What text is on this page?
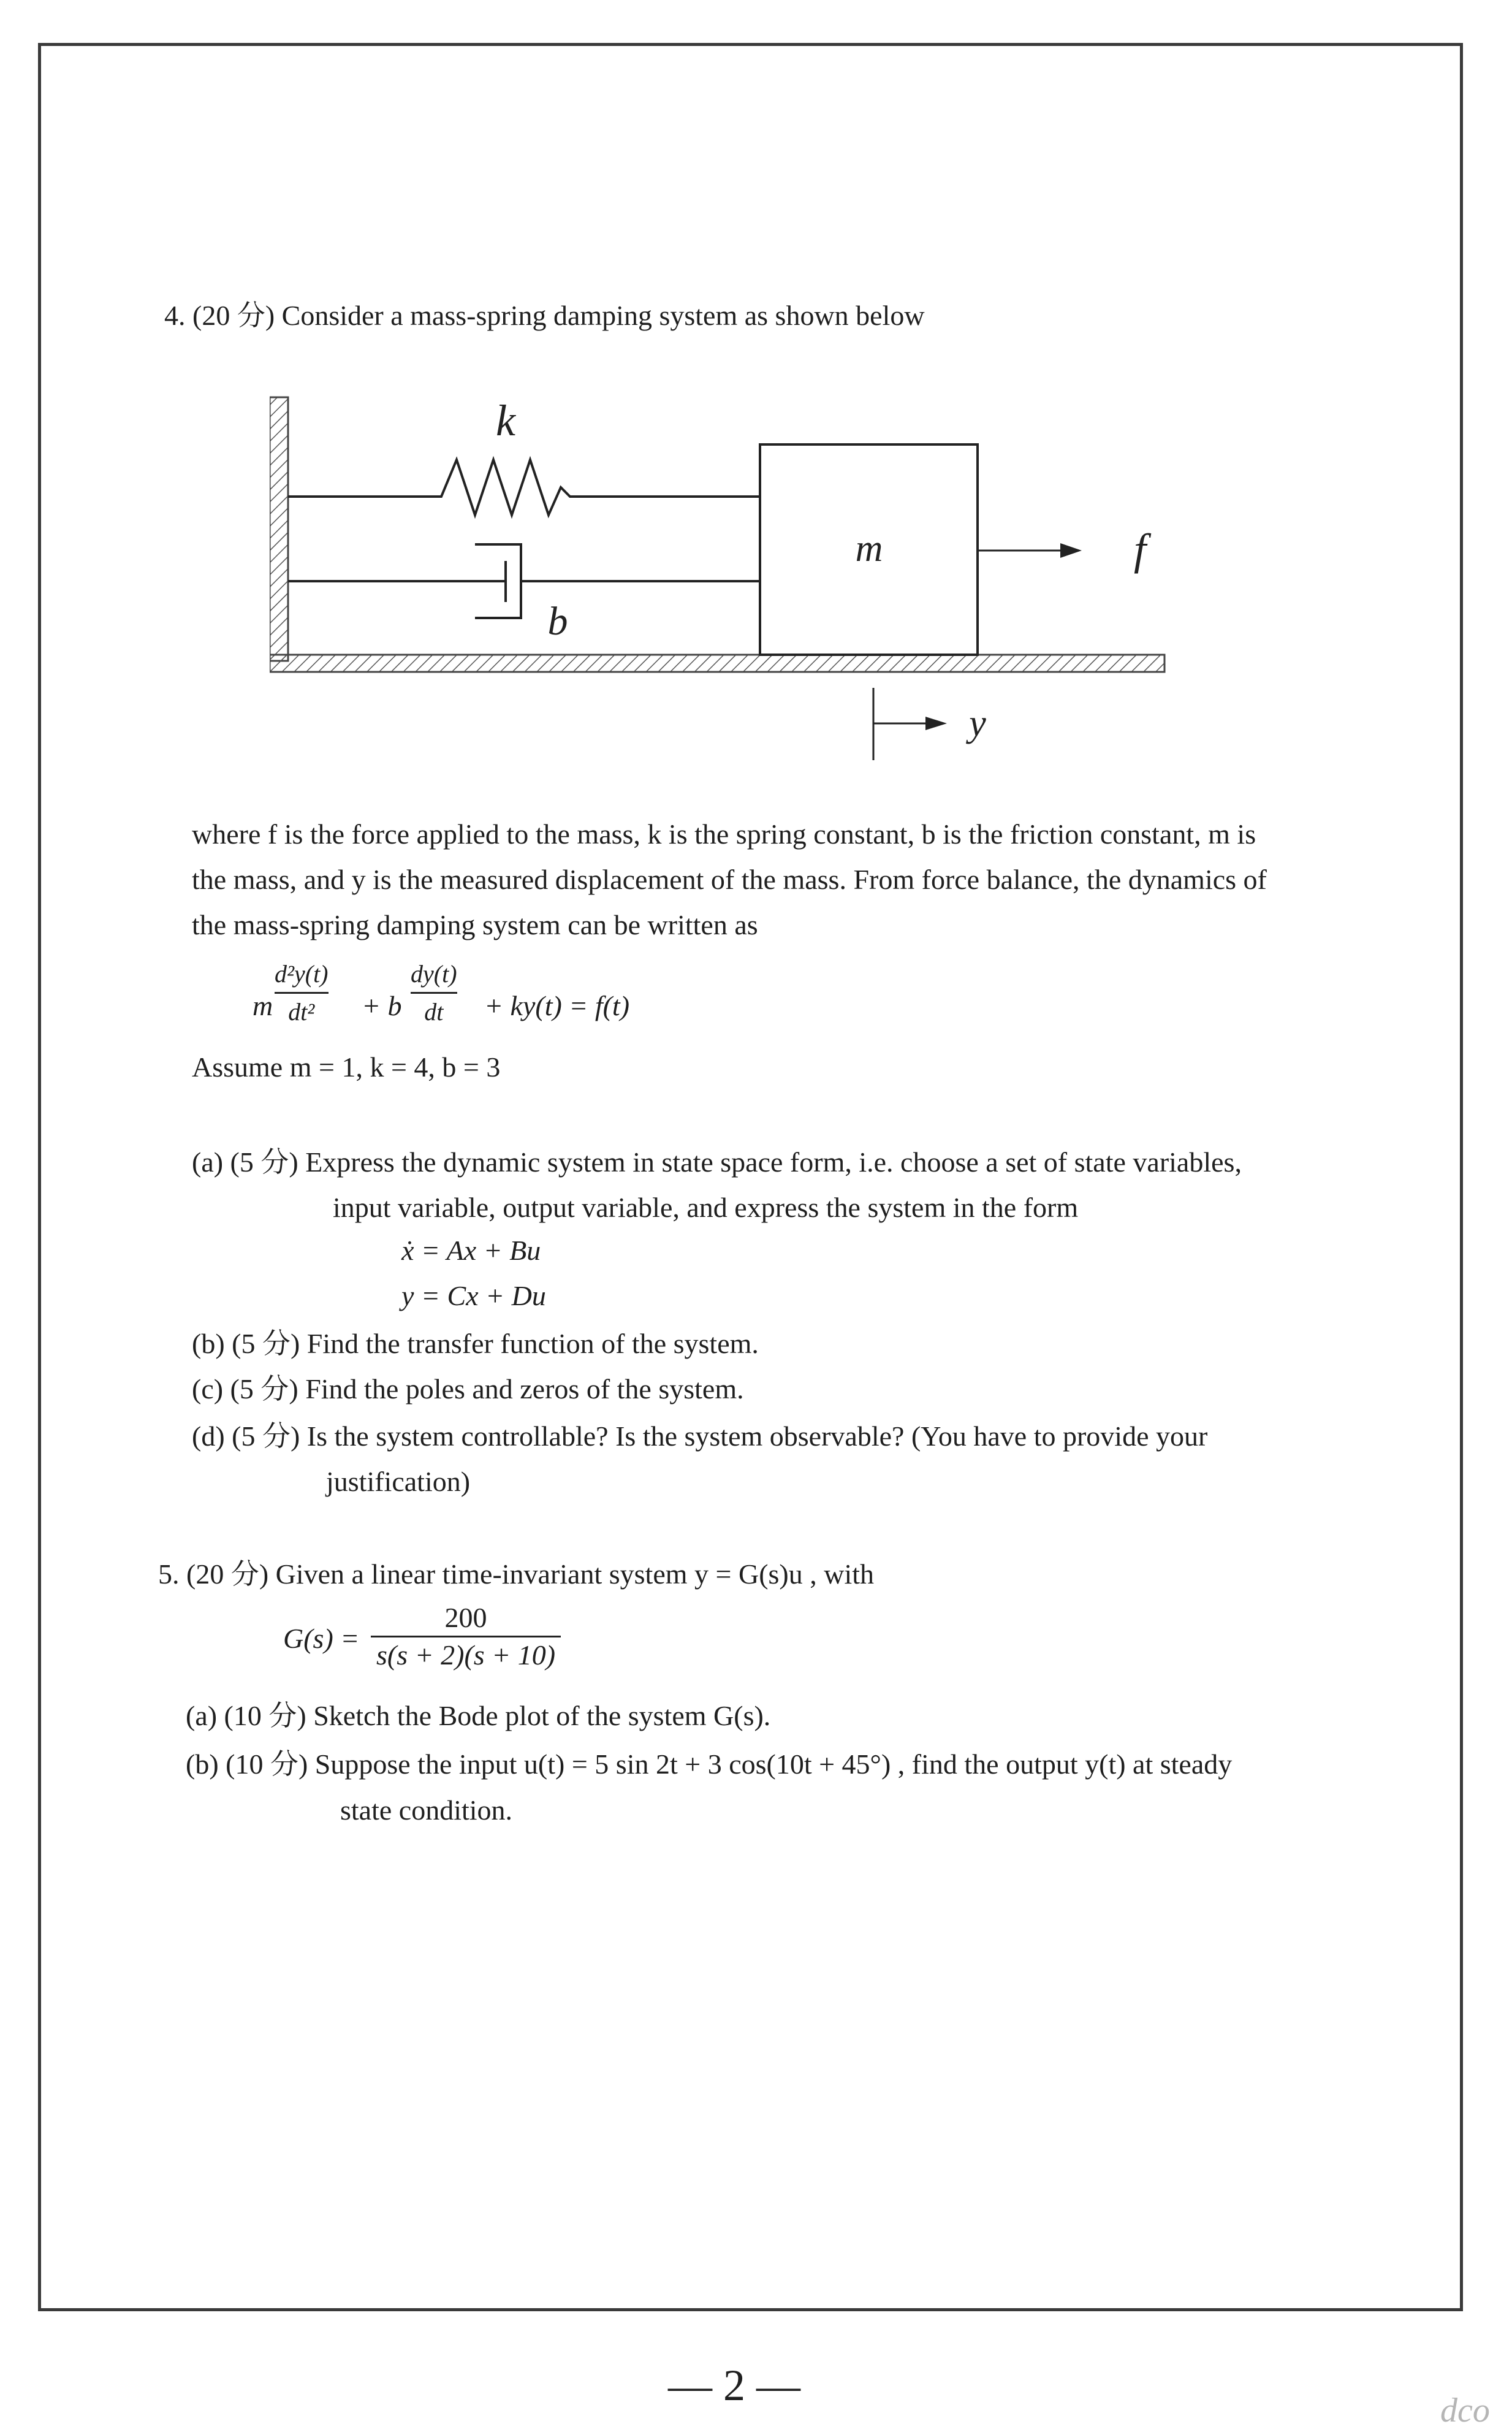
4. (20 分) Consider a mass-spring damping system as shown below
k
b
m	f
y
where f is the force applied to the mass, k is the spring constant, b is the friction constant, m is
the mass, and y is the measured displacement of the mass. From force balance, the dynamics of
the mass-spring damping system can be written as
m
d²y(t)
dt²	+ b
dy(t)
dt	+ ky(t) = f(t)
Assume m = 1, k = 4, b = 3
(a) (5 分) Express the dynamic system in state space form, i.e. choose a set of state variables,
input variable, output variable, and express the system in the form
ẋ = Ax + Bu
y = Cx + Du
(b) (5 分) Find the transfer function of the system.
(c) (5 分) Find the poles and zeros of the system.
(d) (5 分) Is the system controllable? Is the system observable? (You have to provide your
justification)
5. (20 分) Given a linear time-invariant system y = G(s)u , with
G(s) =
200
s(s + 2)(s + 10)
(a) (10 分) Sketch the Bode plot of the system G(s).
(b) (10 分) Suppose the input u(t) = 5 sin 2t + 3 cos(10t + 45°) , find the output y(t) at steady
state condition.
— 2 —
dco
